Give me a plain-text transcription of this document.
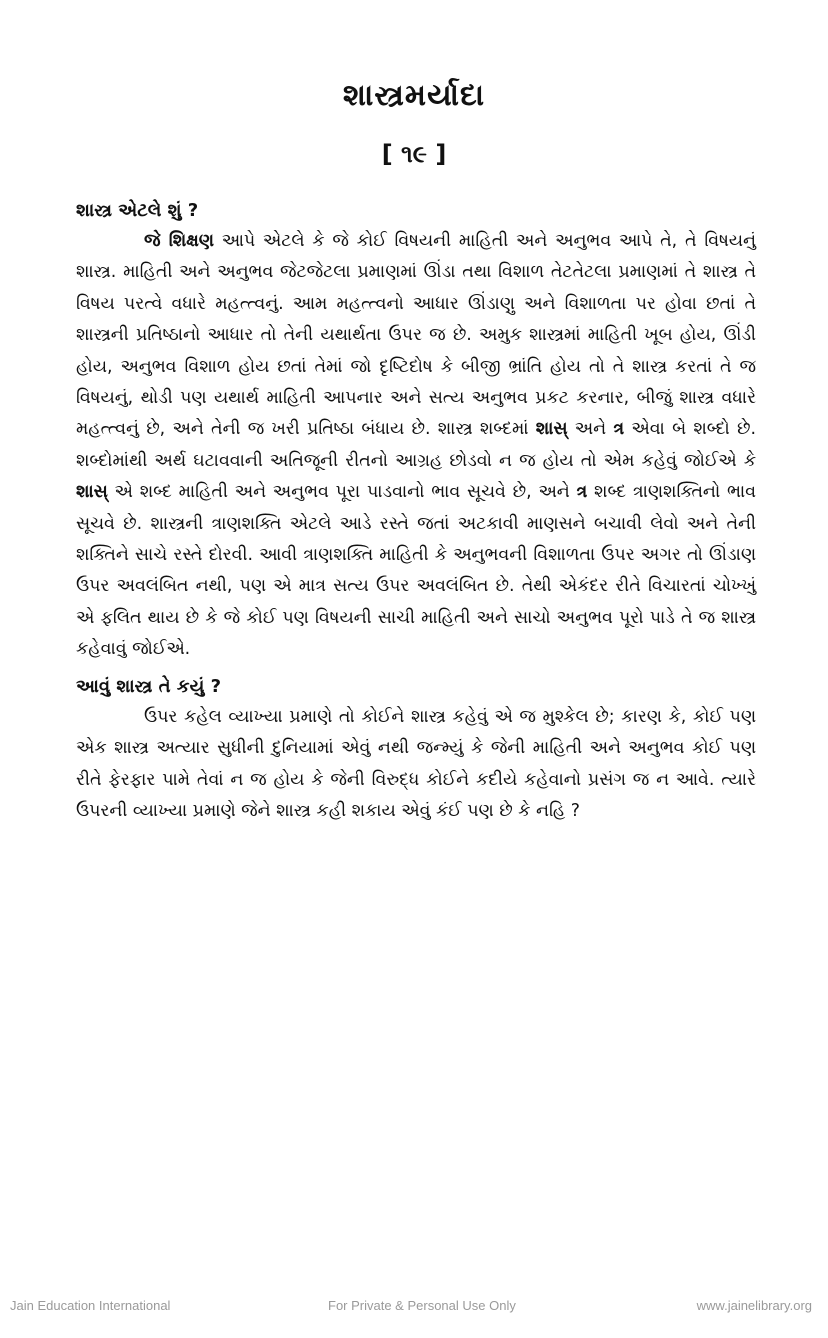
શાસ્ત્રમર્યાદા
[ ૧૯ ]

શાસ્ત્ર એટલે શું ?

જે શિક્ષણ આપે એટલે કે જે કોઈ વિષયની માહિતી અને અનુભવ આપે તે, તે વિષયનું શાસ્ત્ર. માહિતી અને અનુભવ જેટજેટલા પ્રમાણમાં ઊંડા તથા વિશાળ તેટતેટલા પ્રમાણમાં તે શાસ્ત્ર તે વિષય પરત્વે વધારે મહત્ત્વનું. આમ મહત્ત્વનો આધાર ઊંડાણુ અને વિશાળતા પર હોવા છતાં તે શાસ્ત્રની પ્રતિષ્ઠાનો આધાર તો તેની યથાર્થતા ઉપર જ છે. અમુક શાસ્ત્રમાં માહિતી ખૂબ હોય, ઊંડી હોય, અનુભવ વિશાળ હોય છતાં તેમાં જો દૃષ્ટિદોષ કે બીજી ભ્રાંતિ હોય તો તે શાસ્ત્ર કરતાં તે જ વિષયનું, થોડી પણ યથાર્થ માહિતી આપનાર અને સત્ય અનુભવ પ્રકટ કરનાર, બીજું શાસ્ત્ર વધારે મહત્ત્વનું છે, અને તેની જ ખરી પ્રતિષ્ઠા બંધાય છે. શાસ્ત્ર શબ્દમાં શાસ્ અને ત્ર એવા બે શબ્દો છે. શબ્દોમાંથી અર્થ ઘટાવવાની અતિજૂની રીતનો આગ્રહ છોડવો ન જ હોય તો એમ કહેવું જોઈએ કે શાસ્ એ શબ્દ માહિતી અને અનુભવ પૂરા પાડવાનો ભાવ સૂચવે છે, અને ત્ર શબ્દ ત્રાણશક્તિનો ભાવ સૂચવે છે. શાસ્ત્રની ત્રાણશક્તિ એટલે આડે રસ્તે જતાં અટકાવી માણસને બચાવી લેવો અને તેની શક્તિને સાચે રસ્તે દોરવી. આવી ત્રાણશક્તિ માહિતી કે અનુભવની વિશાળતા ઉપર અગર તો ઊંડાણ ઉપર અવલંબિત નથી, પણ એ માત્ર સત્ય ઉપર અવલંબિત છે. તેથી એકંદર રીતે વિચારતાં ચોખ્ખું એ ફલિત થાય છે કે જે કોઈ પણ વિષયની સાચી માહિતી અને સાચો અનુભવ પૂરો પાડે તે જ શાસ્ત્ર કહેવાવું જોઈએ.

આવું શાસ્ત્ર તે કયું ?

ઉપર કહેલ વ્યાખ્યા પ્રમાણે તો કોઈને શાસ્ત્ર કહેવું એ જ મુશ્કેલ છે; કારણ કે, કોઈ પણ એક શાસ્ત્ર અત્યાર સુધીની દુનિયામાં એવું નથી જન્મ્યું કે જેની માહિતી અને અનુભવ કોઈ પણ રીતે ફેરફાર પામે તેવાં ન જ હોય કે જેની વિરુદ્ધ કોઈને કદીયે કહેવાનો પ્રસંગ જ ન આવે. ત્યારે ઉપરની વ્યાખ્યા પ્રમાણે જેને શાસ્ત્ર કહી શકાય એવું કંઈ પણ છે કે નહિ ?

Jain Education International	For Private & Personal Use Only	www.jainelibrary.org
